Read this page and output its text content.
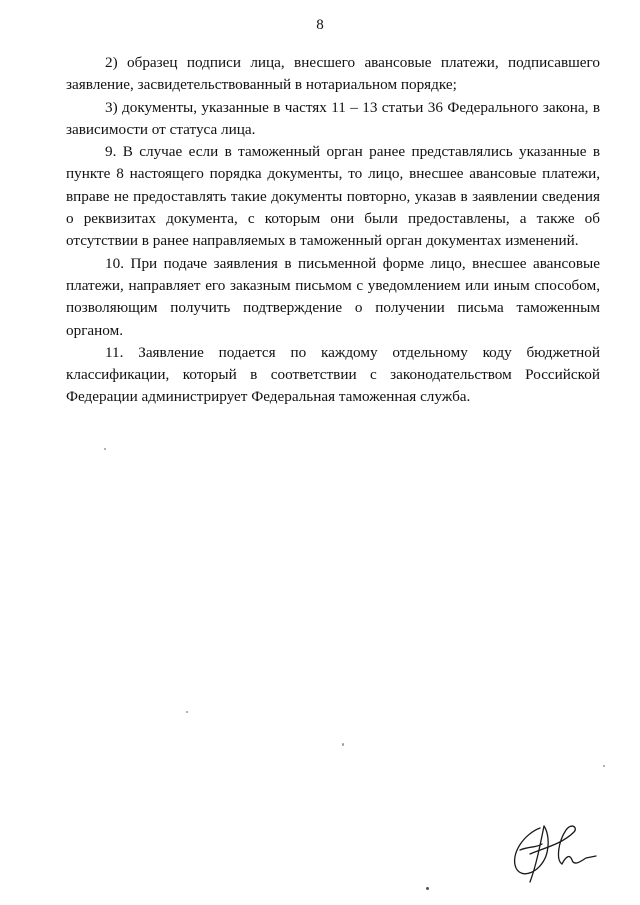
8

2) образец подписи лица, внесшего авансовые платежи, подписавшего заявление, засвидетельствованный в нотариальном порядке;

3) документы, указанные в частях 11 – 13 статьи 36 Федерального закона, в зависимости от статуса лица.

9. В случае если в таможенный орган ранее представлялись указанные в пункте 8 настоящего порядка документы, то лицо, внесшее авансовые платежи, вправе не предоставлять такие документы повторно, указав в заявлении сведения о реквизитах документа, с которым они были предоставлены, а также об отсутствии в ранее направляемых в таможенный орган документах изменений.

10. При подаче заявления в письменной форме лицо, внесшее авансовые платежи, направляет его заказным письмом с уведомлением или иным способом, позволяющим получить подтверждение о получении письма таможенным органом.

11. Заявление подается по каждому отдельному коду бюджетной классификации, который в соответствии с законодательством Российской Федерации администрирует Федеральная таможенная служба.
